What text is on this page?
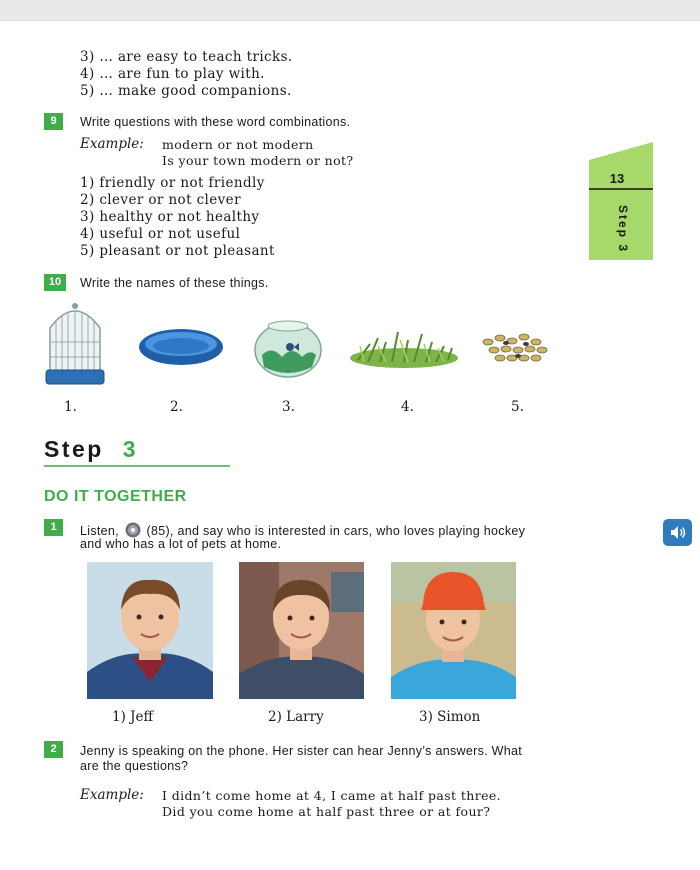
3) … are easy to teach tricks.
4) … are fun to play with.
5) … make good companions.
9	Write questions with these word combinations.
Example: modern or not modern
Is your town modern or not?
1) friendly or not friendly
2) clever or not clever
3) healthy or not healthy
4) useful or not useful
5) pleasant or not pleasant
13
Step 3
10	Write the names of these things.
1.	2.	3.	4.	5.
Step 3
DO IT TOGETHER
1	Listen, (85), and say who is interested in cars, who loves playing hockey
and who has a lot of pets at home.
1) Jeff	2) Larry	3) Simon
2	Jenny is speaking on the phone. Her sister can hear Jenny’s answers. What
are the questions?
Example: I didn’t come home at 4, I came at half past three.
Did you come home at half past three or at four?
